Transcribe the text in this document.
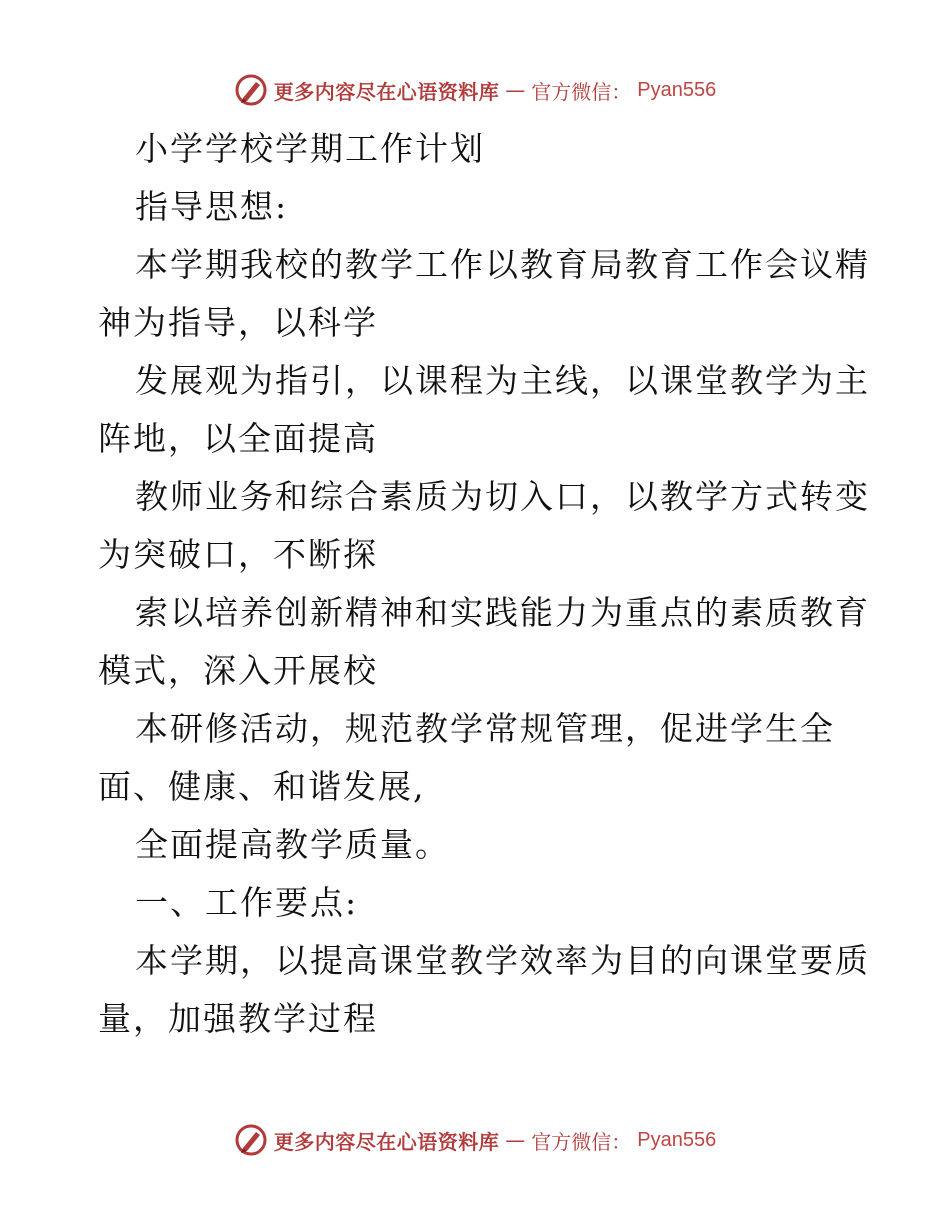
更多内容尽在心语资料库 — 官方微信： Pyan556
小学学校学期工作计划
指导思想:
本学期我校的教学工作以教育局教育工作会议精
神为指导，以科学
发展观为指引，以课程为主线，以课堂教学为主
阵地，以全面提高
教师业务和综合素质为切入口，以教学方式转变
为突破口，不断探
索以培养创新精神和实践能力为重点的素质教育
模式，深入开展校
本研修活动，规范教学常规管理，促进学生全
面、健康、和谐发展,
全面提高教学质量。
一、工作要点:
本学期，以提高课堂教学效率为目的向课堂要质
量，加强教学过程
更多内容尽在心语资料库 — 官方微信： Pyan556
